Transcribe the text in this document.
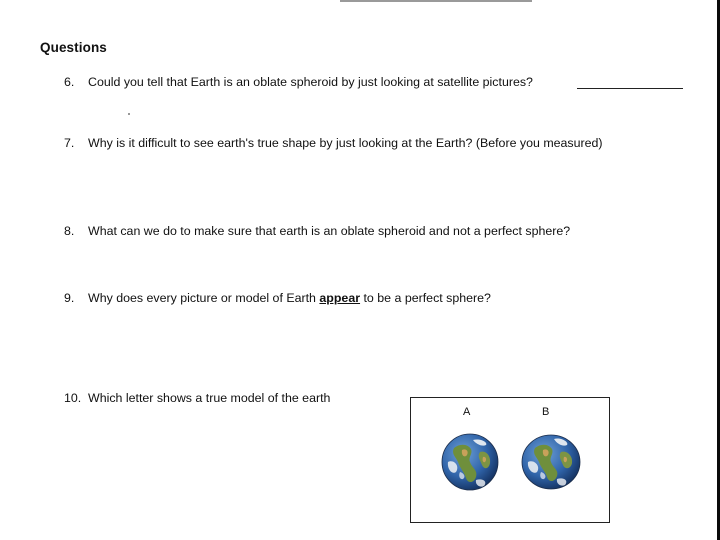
Questions
6. Could you tell that Earth is an oblate spheroid by just looking at satellite pictures?
7. Why is it difficult to see earth's true shape by just looking at the Earth? (Before you measured)
8. What can we do to make sure that earth is an oblate spheroid and not a perfect sphere?
9. Why does every picture or model of Earth appear to be a perfect sphere?
10. Which letter shows a true model of the earth
A	B
